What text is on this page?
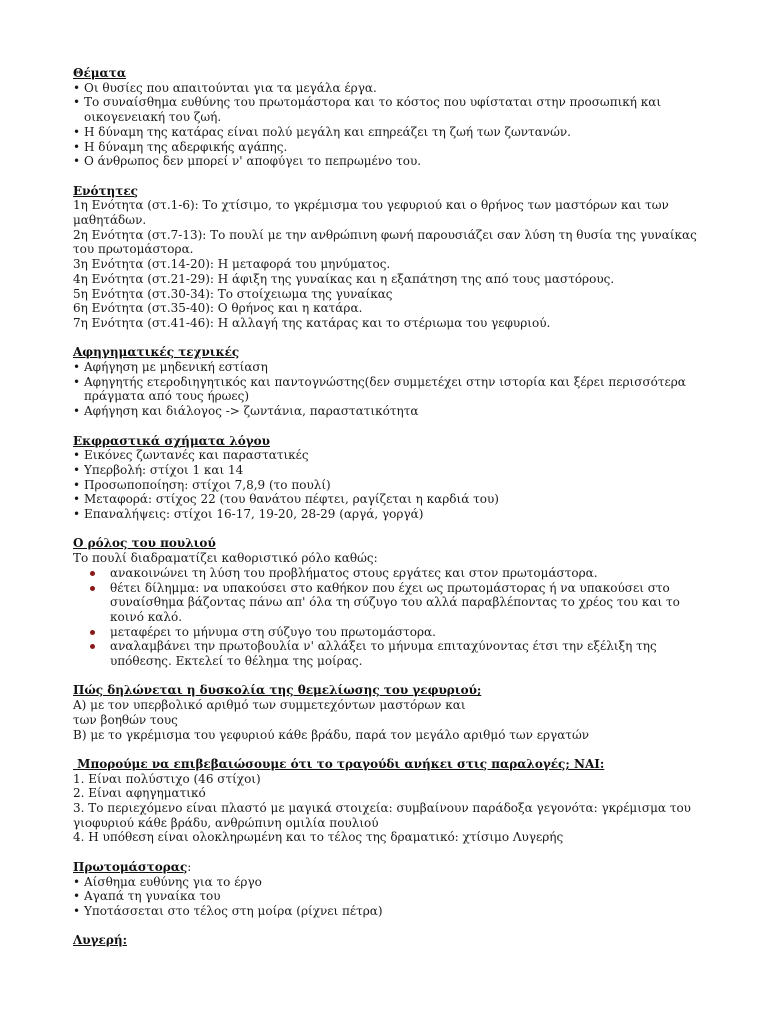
Θέματα
• Οι θυσίες που απαιτούνται για τα μεγάλα έργα.
• Το συναίσθημα ευθύνης του πρωτομάστορα και το κόστος που υφίσταται στην προσωπική και οικογενειακή του ζωή.
• Η δύναμη της κατάρας είναι πολύ μεγάλη και επηρεάζει τη ζωή των ζωντανών.
• Η δύναμη της αδερφικής αγάπης.
• Ο άνθρωπος δεν μπορεί ν' αποφύγει το πεπρωμένο του.
Ενότητες
1η Ενότητα (στ.1-6): Το χτίσιμο, το γκρέμισμα του γεφυριού και ο θρήνος των μαστόρων και των μαθητάδων.
2η Ενότητα (στ.7-13): Το πουλί με την ανθρώπινη φωνή παρουσιάζει σαν λύση τη θυσία της γυναίκας του πρωτομάστορα.
3η Ενότητα (στ.14-20): Η μεταφορά του μηνύματος.
4η Ενότητα (στ.21-29): Η άφιξη της γυναίκας και η εξαπάτηση της από τους μαστόρους.
5η Ενότητα (στ.30-34): Το στοίχειωμα της γυναίκας
6η Ενότητα (στ.35-40): Ο θρήνος και η κατάρα.
7η Ενότητα (στ.41-46): Η αλλαγή της κατάρας και το στέριωμα του γεφυριού.
Αφηγηματικές τεχνικές
• Αφήγηση με μηδενική εστίαση
• Αφηγητής ετεροδιηγητικός και παντογνώστης(δεν συμμετέχει στην ιστορία και ξέρει περισσότερα πράγματα από τους ήρωες)
• Αφήγηση και διάλογος -> ζωντάνια, παραστατικότητα
Εκφραστικά σχήματα λόγου
• Εικόνες ζωντανές και παραστατικές
• Υπερβολή: στίχοι 1 και 14
• Προσωποποίηση: στίχοι 7,8,9 (το πουλί)
• Μεταφορά: στίχος 22 (του θανάτου πέφτει, ραγίζεται η καρδιά του)
• Επαναλήψεις: στίχοι 16-17, 19-20, 28-29 (αργά, γοργά)
Ο ρόλος του πουλιού
Το πουλί διαδραματίζει καθοριστικό ρόλο καθώς:
ανακοινώνει τη λύση του προβλήματος στους εργάτες και στον πρωτομάστορα.
θέτει δίλημμα: να υπακούσει στο καθήκον που έχει ως πρωτομάστορας ή να υπακούσει στο συναίσθημα βάζοντας πάνω απ' όλα τη σύζυγο του αλλά παραβλέποντας το χρέος του και το κοινό καλό.
μεταφέρει το μήνυμα στη σύζυγο του πρωτομάστορα.
αναλαμβάνει την πρωτοβουλία ν' αλλάξει το μήνυμα επιταχύνοντας έτσι την εξέλιξη της υπόθεσης. Εκτελεί το θέλημα της μοίρας.
Πώς δηλώνεται η δυσκολία της θεμελίωσης του γεφυριού;
Α) με τον υπερβολικό αριθμό των συμμετεχόντων μαστόρων και
των βοηθών τους
Β) με το γκρέμισμα του γεφυριού κάθε βράδυ, παρά τον μεγάλο αριθμό των εργατών
Μπορούμε να επιβεβαιώσουμε ότι το τραγούδι ανήκει στις παραλογές; ΝΑΙ:
1. Είναι πολύστιχο (46 στίχοι)
2. Είναι αφηγηματικό
3. Το περιεχόμενο είναι πλαστό με μαγικά στοιχεία: συμβαίνουν παράδοξα γεγονότα: γκρέμισμα του γιοφυριού κάθε βράδυ, ανθρώπινη ομιλία πουλιού
4. Η υπόθεση είναι ολοκληρωμένη και το τέλος της δραματικό: χτίσιμο Λυγερής
Πρωτομάστορας:
• Αίσθημα ευθύνης για το έργο
• Αγαπά τη γυναίκα του
• Υποτάσσεται στο τέλος στη μοίρα (ρίχνει πέτρα)
Λυγερή:
